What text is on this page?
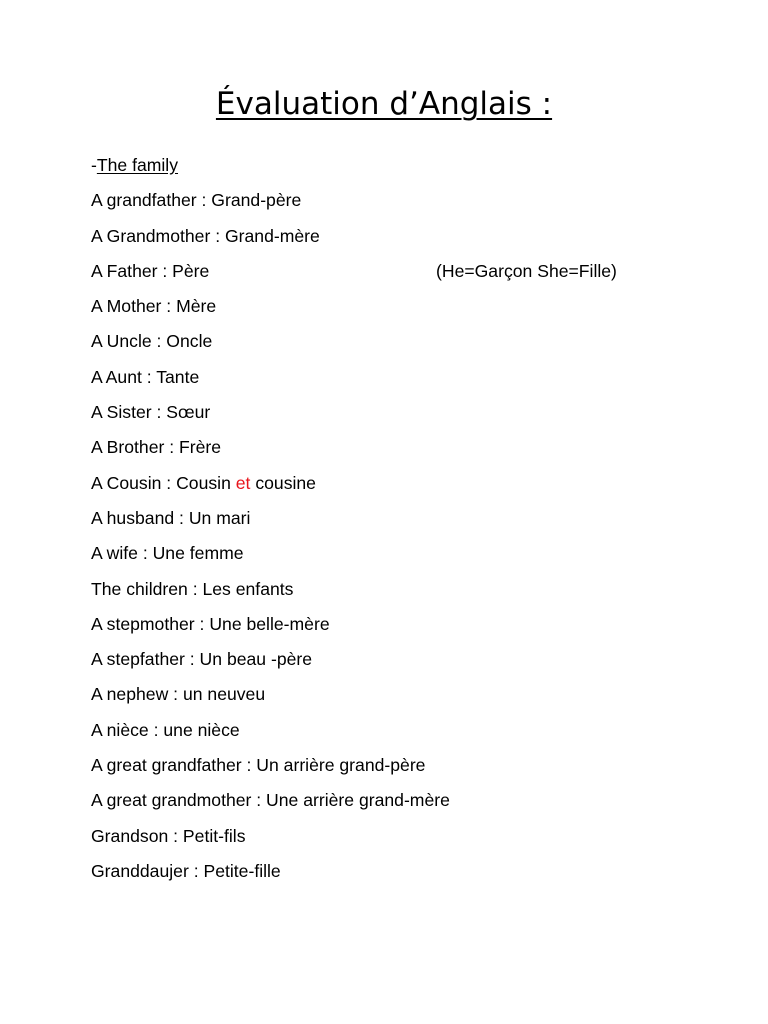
Évaluation d’Anglais :
-The family
A grandfather : Grand-père
A Grandmother : Grand-mère
A Father : Père	(He=Garçon She=Fille)
A Mother : Mère
A Uncle : Oncle
A Aunt : Tante
A Sister : Sœur
A Brother : Frère
A Cousin : Cousin et cousine
A husband : Un mari
A wife : Une femme
The children : Les enfants
A stepmother : Une belle-mère
A stepfather : Un beau -père
A nephew : un neuveu
A nièce : une nièce
A great grandfather : Un arrière grand-père
A great grandmother : Une arrière grand-mère
Grandson : Petit-fils
Granddaujer : Petite-fille
